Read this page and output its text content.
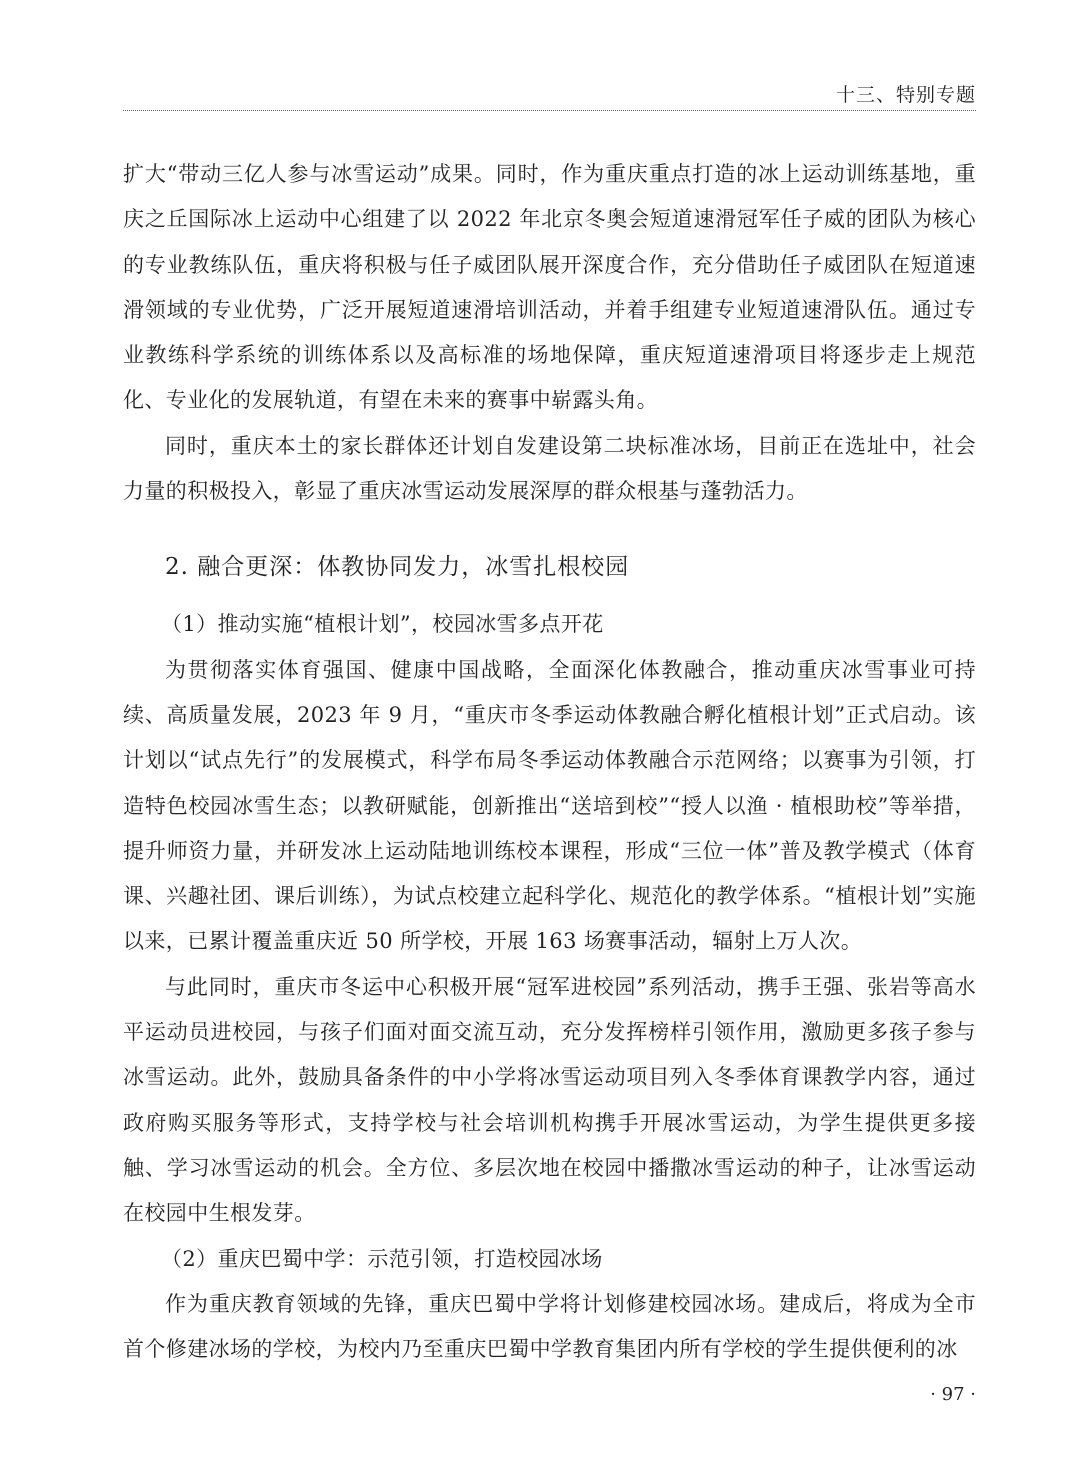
十三、特别专题

扩大“带动三亿人参与冰雪运动”成果。同时，作为重庆重点打造的冰上运动训练基地，重庆之丘国际冰上运动中心组建了以 2022 年北京冬奥会短道速滑冠军任子威的团队为核心的专业教练队伍，重庆将积极与任子威团队展开深度合作，充分借助任子威团队在短道速滑领域的专业优势，广泛开展短道速滑培训活动，并着手组建专业短道速滑队伍。通过专业教练科学系统的训练体系以及高标准的场地保障，重庆短道速滑项目将逐步走上规范化、专业化的发展轨道，有望在未来的赛事中崭露头角。

同时，重庆本土的家长群体还计划自发建设第二块标准冰场，目前正在选址中，社会力量的积极投入，彰显了重庆冰雪运动发展深厚的群众根基与蓬勃活力。

2. 融合更深：体教协同发力，冰雪扎根校园

（1）推动实施“植根计划”，校园冰雪多点开花

为贯彻落实体育强国、健康中国战略，全面深化体教融合，推动重庆冰雪事业可持续、高质量发展，2023 年 9 月，“重庆市冬季运动体教融合孵化植根计划”正式启动。该计划以“试点先行”的发展模式，科学布局冬季运动体教融合示范网络；以赛事为引领，打造特色校园冰雪生态；以教研赋能，创新推出“送培到校”“授人以渔 · 植根助校”等举措，提升师资力量，并研发冰上运动陆地训练校本课程，形成“三位一体”普及教学模式（体育课、兴趣社团、课后训练），为试点校建立起科学化、规范化的教学体系。“植根计划”实施以来，已累计覆盖重庆近 50 所学校，开展 163 场赛事活动，辐射上万人次。

与此同时，重庆市冬运中心积极开展“冠军进校园”系列活动，携手王强、张岩等高水平运动员进校园，与孩子们面对面交流互动，充分发挥榜样引领作用，激励更多孩子参与冰雪运动。此外，鼓励具备条件的中小学将冰雪运动项目列入冬季体育课教学内容，通过政府购买服务等形式，支持学校与社会培训机构携手开展冰雪运动，为学生提供更多接触、学习冰雪运动的机会。全方位、多层次地在校园中播撒冰雪运动的种子，让冰雪运动在校园中生根发芽。

（2）重庆巴蜀中学：示范引领，打造校园冰场

作为重庆教育领域的先锋，重庆巴蜀中学将计划修建校园冰场。建成后，将成为全市首个修建冰场的学校，为校内乃至重庆巴蜀中学教育集团内所有学校的学生提供便利的冰

· 97 ·
